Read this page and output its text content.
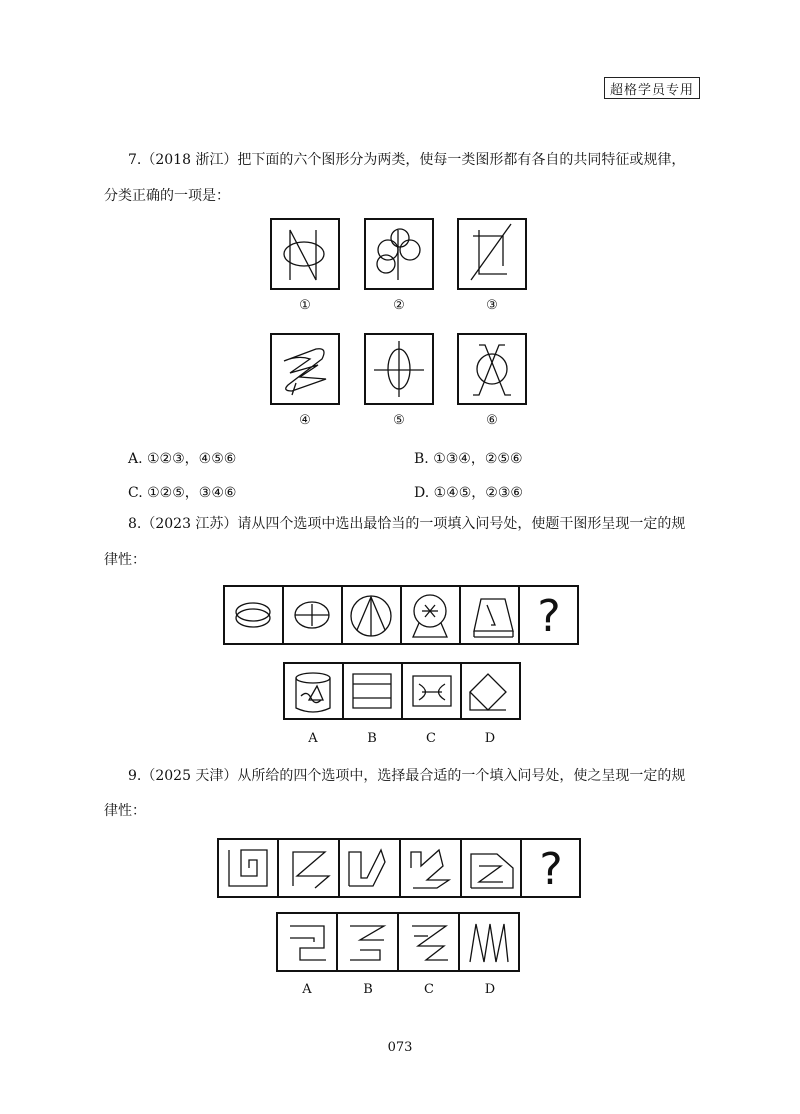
超格学员专用
7.（2018 浙江）把下面的六个图形分为两类，使每一类图形都有各自的共同特征或规律，
分类正确的一项是：
①	②	③
④	⑤	⑥
A. ①②③，④⑤⑥	B. ①③④，②⑤⑥
C. ①②⑤，③④⑥	D. ①④⑤，②③⑥
8.（2023 江苏）请从四个选项中选出最恰当的一项填入问号处，使题干图形呈现一定的规
律性：
?
A	B	C	D
9.（2025 天津）从所给的四个选项中，选择最合适的一个填入问号处，使之呈现一定的规
律性：
?
A	B	C	D
073
